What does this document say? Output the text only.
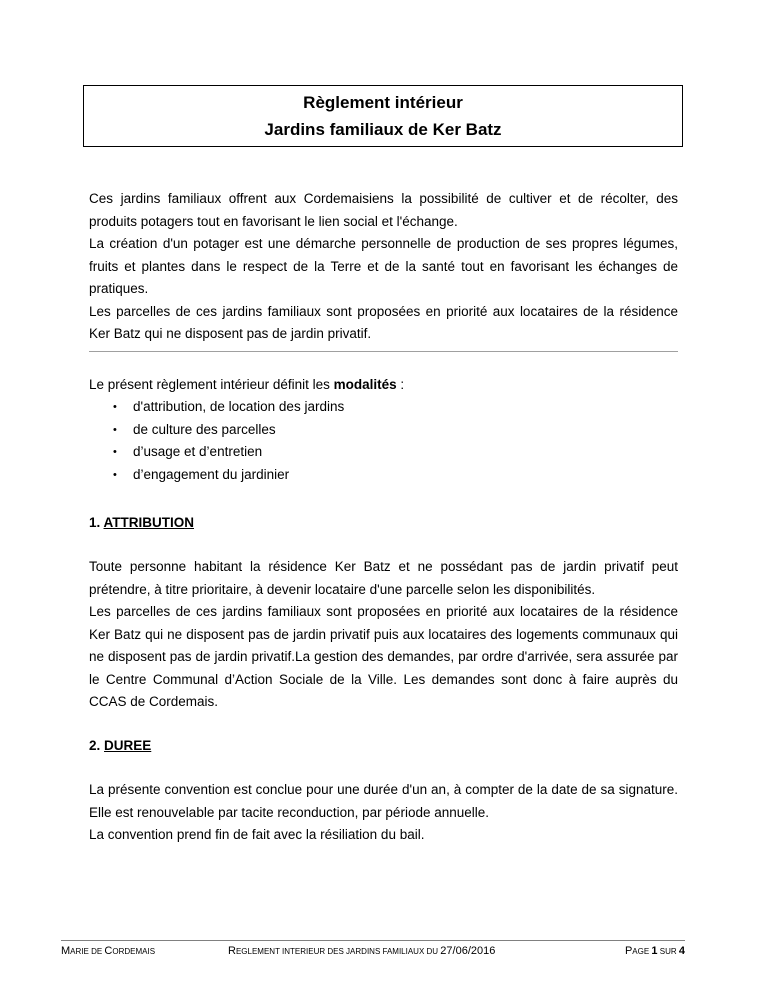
Règlement intérieur
Jardins familiaux de Ker Batz

Ces jardins familiaux offrent aux Cordemaisiens la possibilité de cultiver et de récolter, des produits potagers tout en favorisant le lien social et l'échange.

La création d'un potager est une démarche personnelle de production de ses propres légumes, fruits et plantes dans le respect de la Terre et de la santé tout en favorisant les échanges de pratiques.

Les parcelles de ces jardins familiaux sont proposées en priorité aux locataires de la résidence Ker Batz qui ne disposent pas de jardin privatif.

Le présent règlement intérieur définit les modalités :

• d'attribution, de location des jardins
• de culture des parcelles
• d’usage et d’entretien
• d’engagement du jardinier

1. ATTRIBUTION

Toute personne habitant la résidence Ker Batz et ne possédant pas de jardin privatif peut prétendre, à titre prioritaire, à devenir locataire d'une parcelle selon les disponibilités.

Les parcelles de ces jardins familiaux sont proposées en priorité aux locataires de la résidence Ker Batz qui ne disposent pas de jardin privatif puis aux locataires des logements communaux qui ne disposent pas de jardin privatif.La gestion des demandes, par ordre d'arrivée, sera assurée par le Centre Communal d’Action Sociale de la Ville. Les demandes sont donc à faire auprès du CCAS de Cordemais.

2. DUREE

La présente convention est conclue pour une durée d'un an, à compter de la date de sa signature. Elle est renouvelable par tacite reconduction, par période annuelle.

La convention prend fin de fait avec la résiliation du bail.

MARIE DE CORDEMAIS	REGLEMENT INTERIEUR DES JARDINS FAMILIAUX DU 27/06/2016	PAGE 1 SUR 4
